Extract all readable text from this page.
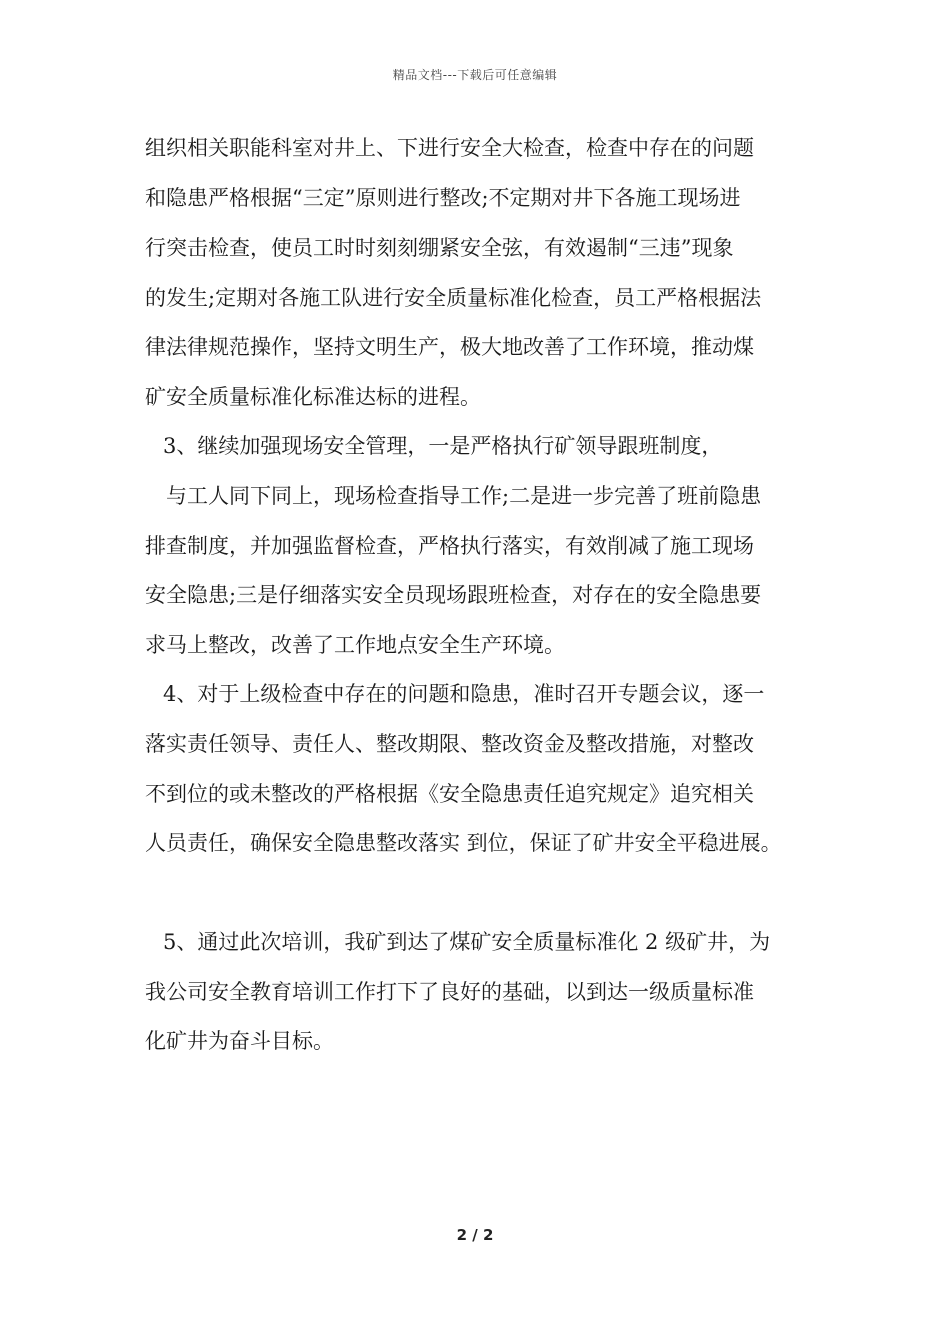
精品文档---下载后可任意编辑
组织相关职能科室对井上、下进行安全大检查，检查中存在的问题
和隐患严格根据“三定”原则进行整改;不定期对井下各施工现场进
行突击检查，使员工时时刻刻绷紧安全弦，有效遏制“三违”现象
的发生;定期对各施工队进行安全质量标准化检查，员工严格根据法
律法律规范操作，坚持文明生产，极大地改善了工作环境，推动煤
矿安全质量标准化标准达标的进程。
3、继续加强现场安全管理，一是严格执行矿领导跟班制度，
与工人同下同上，现场检查指导工作;二是进一步完善了班前隐患
排查制度，并加强监督检查，严格执行落实，有效削减了施工现场
安全隐患;三是仔细落实安全员现场跟班检查，对存在的安全隐患要
求马上整改，改善了工作地点安全生产环境。
4、对于上级检查中存在的问题和隐患，准时召开专题会议，逐一
落实责任领导、责任人、整改期限、整改资金及整改措施，对整改
不到位的或未整改的严格根据《安全隐患责任追究规定》追究相关
人员责任，确保安全隐患整改落实 到位，保证了矿井安全平稳进展。
5、通过此次培训，我矿到达了煤矿安全质量标准化 2 级矿井，为
我公司安全教育培训工作打下了良好的基础，以到达一级质量标准
化矿井为奋斗目标。
2 / 2
